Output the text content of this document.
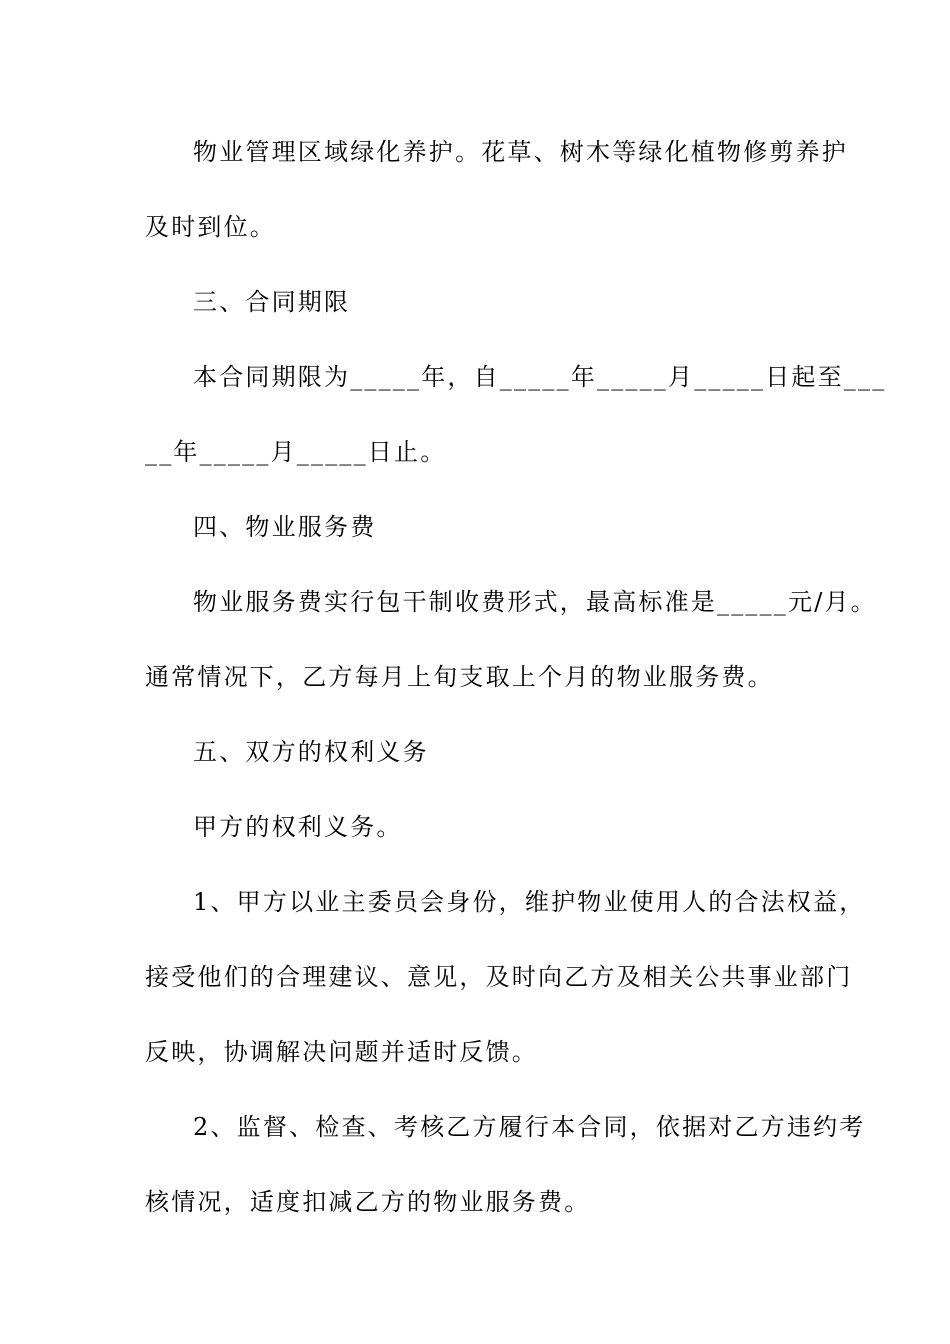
物业管理区域绿化养护。花草、树木等绿化植物修剪养护
及时到位。
三、合同期限
本合同期限为_____年，自_____年_____月_____日起至___
__年_____月_____日止。
四、物业服务费
物业服务费实行包干制收费形式，最高标准是_____元/月。
通常情况下，乙方每月上旬支取上个月的物业服务费。
五、双方的权利义务
甲方的权利义务。
1、甲方以业主委员会身份，维护物业使用人的合法权益，
接受他们的合理建议、意见，及时向乙方及相关公共事业部门
反映，协调解决问题并适时反馈。
2、监督、检查、考核乙方履行本合同，依据对乙方违约考
核情况，适度扣减乙方的物业服务费。
